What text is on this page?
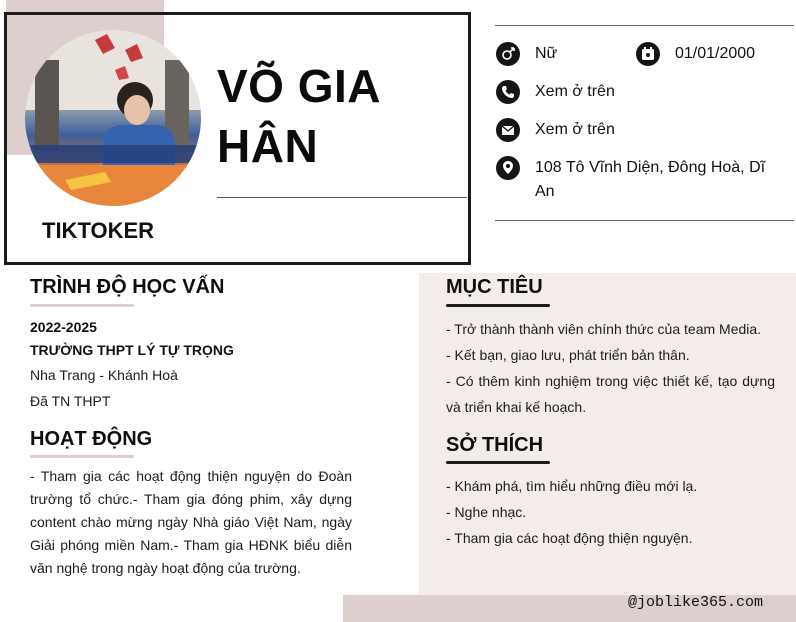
VÕ GIA HÂN
TIKTOKER
Nữ	01/01/2000
Xem ở trên
Xem ở trên
108 Tô Vĩnh Diện, Đông Hoà, Dĩ An
TRÌNH ĐỘ HỌC VẤN
2022-2025
TRƯỜNG THPT LÝ TỰ TRỌNG
Nha Trang - Khánh Hoà
Đã TN THPT
HOẠT ĐỘNG
- Tham gia các hoạt động thiện nguyện do Đoàn trường tổ chức.- Tham gia đóng phim, xây dựng content chào mừng ngày Nhà giáo Việt Nam, ngày Giải phóng miền Nam.- Tham gia HĐNK biểu diễn văn nghệ trong ngày hoạt động của trường.
MỤC TIÊU
- Trở thành thành viên chính thức của team Media.
- Kết bạn, giao lưu, phát triển bản thân.
- Có thêm kinh nghiệm trong việc thiết kế, tạo dựng và triển khai kế hoạch.
SỞ THÍCH
- Khám phá, tìm hiểu những điều mới lạ.
- Nghe nhạc.
- Tham gia các hoạt động thiện nguyện.
@joblike365.com
